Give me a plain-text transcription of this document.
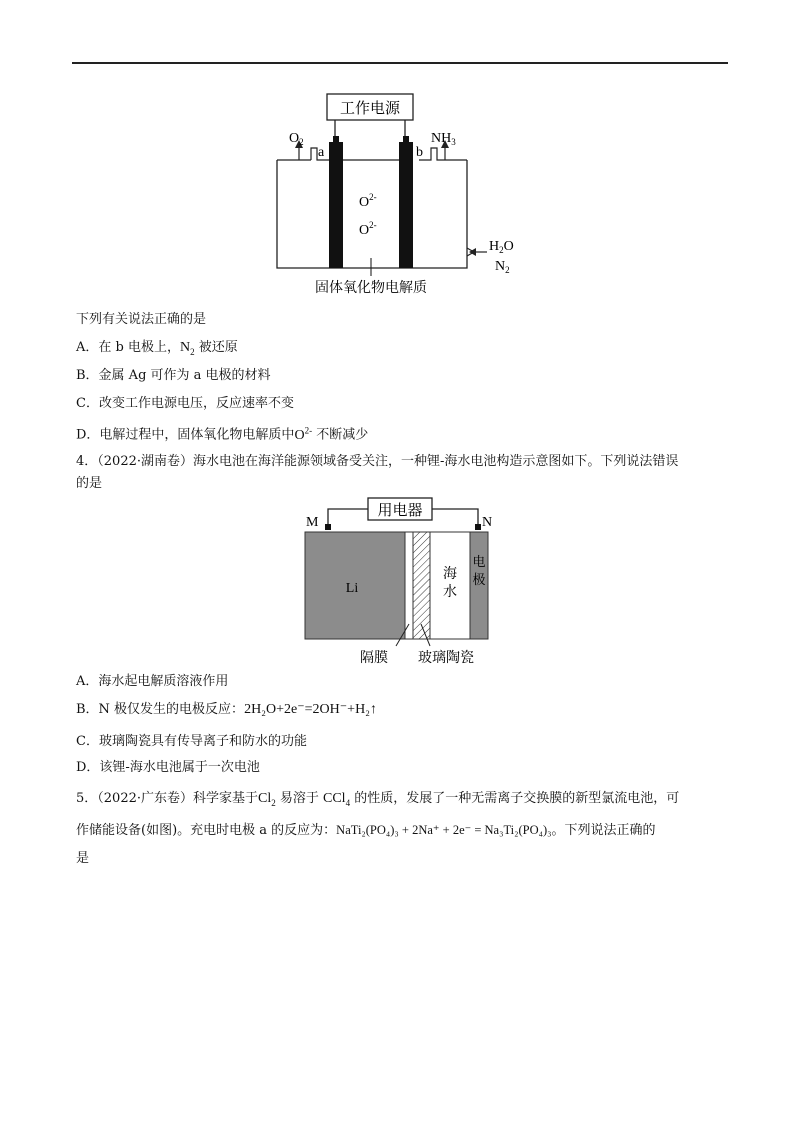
工作电源
$O_2$	$NH_3$
a	b
$O^{2-}$
$O^{2-}$
$H_2O$
$N_2$
固体氧化物电解质
下列有关说法正确的是
A．在 b 电极上，$N_2$ 被还原
B．金属 Ag 可作为 a 电极的材料
C．改变工作电源电压，反应速率不变
D．电解过程中，固体氧化物电解质中$O^{2-}$ 不断减少
4．（2022·湖南卷）海水电池在海洋能源领域备受关注，一种锂-海水电池构造示意图如下。下列说法错误
的是
用电器
M	N
Li
海
水
电
极
隔膜 玻璃陶瓷
A．海水起电解质溶液作用
B．N 极仅发生的电极反应：2H₂O+2e⁻=2OH⁻+H₂↑
C．玻璃陶瓷具有传导离子和防水的功能
D．该锂-海水电池属于一次电池
5．（2022·广东卷）科学家基于$Cl_2$ 易溶于 CCl$_4$ 的性质，发展了一种无需离子交换膜的新型氯流电池，可
作储能设备(如图)。充电时电极 a 的反应为：NaTi₂(PO₄)₃ + 2Na⁺ + 2e⁻ = Na₃Ti₂(PO₄)₃。下列说法正确的
是
